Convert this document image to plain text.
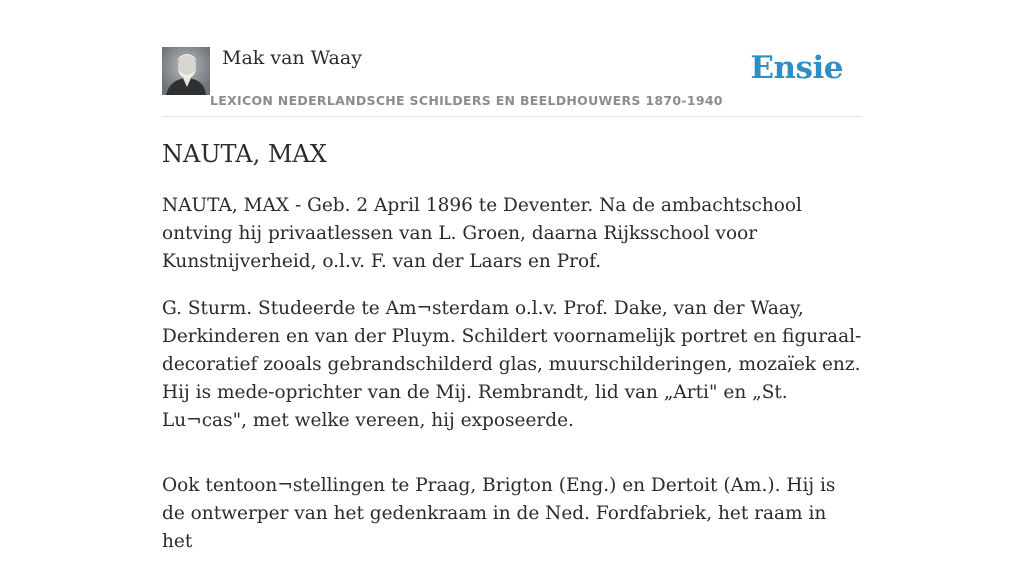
Mak van Waay
LEXICON NEDERLANDSCHE SCHILDERS EN BEELDHOUWERS 1870-1940
Ensie
NAUTA, MAX

NAUTA, MAX - Geb. 2 April 1896 te Deventer. Na de ambachtschool ontving hij privaatlessen van L. Groen, daarna Rijksschool voor Kunstnijverheid, o.l.v. F. van der Laars en Prof.

G. Sturm. Studeerde te Am¬sterdam o.l.v. Prof. Dake, van der Waay, Derkinderen en van der Pluym. Schildert voornamelijk portret en figuraal-decoratief zooals gebrandschilderd glas, muurschilderingen, mozaïek enz. Hij is mede-oprichter van de Mij. Rembrandt, lid van „Arti" en „St. Lu¬cas", met welke vereen, hij exposeerde.

Ook tentoon¬stellingen te Praag, Brigton (Eng.) en Dertoit (Am.). Hij is de ontwerper van het gedenkraam in de Ned. Fordfabriek, het raam in het
